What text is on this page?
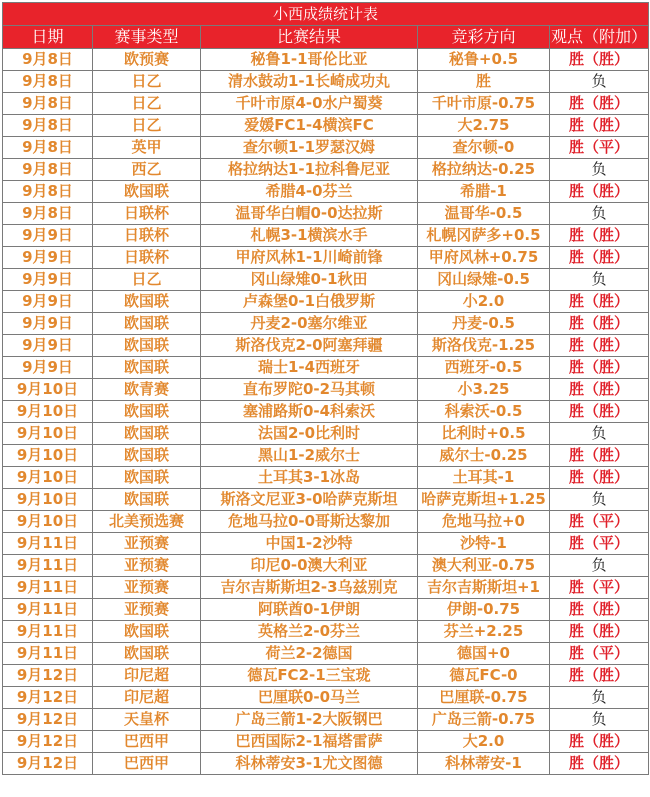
小西成绩统计表				
日期	赛事类型	比赛结果	竞彩方向	观点（附加）
9月8日	欧预赛	秘鲁1-1哥伦比亚	秘鲁+0.5	胜（胜）
9月8日	日乙	清水鼓动1-1长崎成功丸	胜	负
9月8日	日乙	千叶市原4-0水户蜀葵	千叶市原-0.75	胜（胜）
9月8日	日乙	爱媛FC1-4横滨FC	大2.75	胜（胜）
9月8日	英甲	查尔顿1-1罗瑟汉姆	查尔顿-0	胜（平）
9月8日	西乙	格拉纳达1-1拉科鲁尼亚	格拉纳达-0.25	负
9月8日	欧国联	希腊4-0芬兰	希腊-1	胜（胜）
9月8日	日联杯	温哥华白帽0-0达拉斯	温哥华-0.5	负
9月9日	日联杯	札幌3-1横滨水手	札幌冈萨多+0.5	胜（胜）
9月9日	日联杯	甲府风林1-1川崎前锋	甲府风林+0.75	胜（胜）
9月9日	日乙	冈山绿雉0-1秋田	冈山绿雉-0.5	负
9月9日	欧国联	卢森堡0-1白俄罗斯	小2.0	胜（胜）
9月9日	欧国联	丹麦2-0塞尔维亚	丹麦-0.5	胜（胜）
9月9日	欧国联	斯洛伐克2-0阿塞拜疆	斯洛伐克-1.25	胜（胜）
9月9日	欧国联	瑞士1-4西班牙	西班牙-0.5	胜（胜）
9月10日	欧青赛	直布罗陀0-2马其顿	小3.25	胜（胜）
9月10日	欧国联	塞浦路斯0-4科索沃	科索沃-0.5	胜（胜）
9月10日	欧国联	法国2-0比利时	比利时+0.5	负
9月10日	欧国联	黑山1-2威尔士	威尔士-0.25	胜（胜）
9月10日	欧国联	土耳其3-1冰岛	土耳其-1	胜（胜）
9月10日	欧国联	斯洛文尼亚3-0哈萨克斯坦	哈萨克斯坦+1.25	负
9月10日	北美预选赛	危地马拉0-0哥斯达黎加	危地马拉+0	胜（平）
9月11日	亚预赛	中国1-2沙特	沙特-1	胜（平）
9月11日	亚预赛	印尼0-0澳大利亚	澳大利亚-0.75	负
9月11日	亚预赛	吉尔吉斯斯坦2-3乌兹别克	吉尔吉斯斯坦+1	胜（平）
9月11日	亚预赛	阿联酋0-1伊朗	伊朗-0.75	胜（胜）
9月11日	欧国联	英格兰2-0芬兰	芬兰+2.25	胜（胜）
9月11日	欧国联	荷兰2-2德国	德国+0	胜（平）
9月12日	印尼超	德瓦FC2-1三宝珑	德瓦FC-0	胜（胜）
9月12日	印尼超	巴厘联0-0马兰	巴厘联-0.75	负
9月12日	天皇杯	广岛三箭1-2大阪钢巴	广岛三箭-0.75	负
9月12日	巴西甲	巴西国际2-1福塔雷萨	大2.0	胜（胜）
9月12日	巴西甲	科林蒂安3-1尤文图德	科林蒂安-1	胜（胜）
